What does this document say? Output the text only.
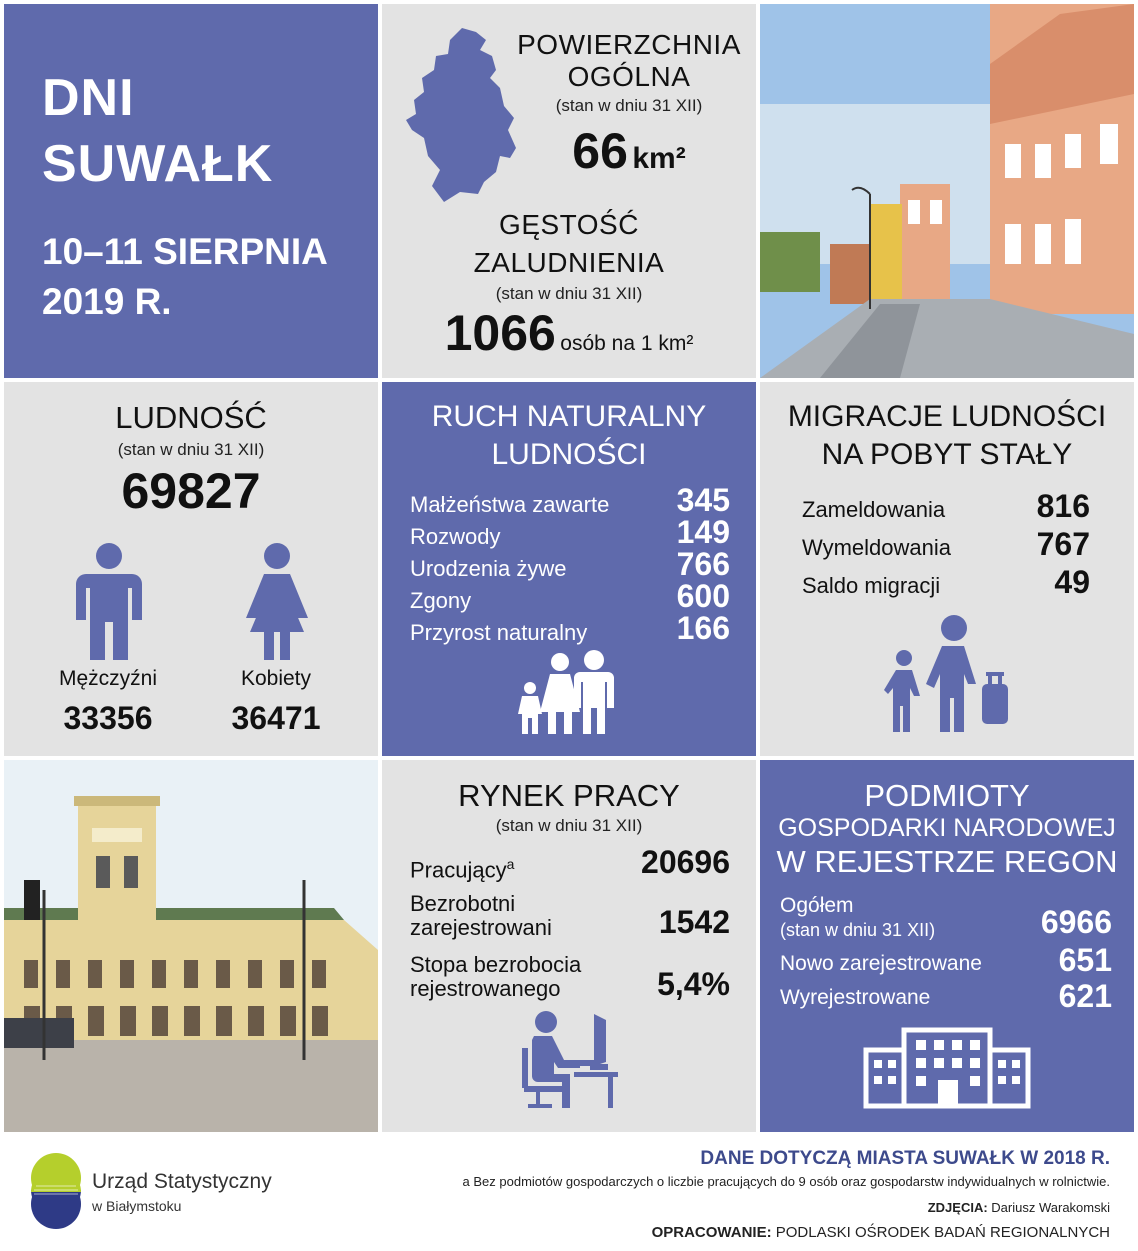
DNI
SUWAŁK
10–11 SIERPNIA
2019 R.
POWIERZCHNIA
OGÓLNA
(stan w dniu 31 XII)
66 km²
GĘSTOŚĆ
ZALUDNIENIA
(stan w dniu 31 XII)
1066 osób na 1 km²
LUDNOŚĆ
(stan w dniu 31 XII)
69827
Mężczyźni	Kobiety
33356	36471
RUCH NATURALNY
LUDNOŚCI
Małżeństwa zawarte 345
Rozwody	149
Urodzenia żywe	766
Zgony	600
Przyrost naturalny	166
MIGRACJE LUDNOŚCI
NA POBYT STAŁY
Zameldowania	816
Wymeldowania	767
Saldo migracji	49
RYNEK PRACY
(stan w dniu 31 XII)
Pracujący$^a$	20696
Bezrobotni
zarejestrowani	1542
Stopa bezrobocia
rejestrowanego	5,4%
PODMIOTY
GOSPODARKI NARODOWEJ
W REJESTRZE REGON
Ogółem
(stan w dniu 31 XII)	6966
Nowo zarejestrowane 651
Wyrejestrowane	621
Urząd Statystyczny
w Białymstoku
DANE DOTYCZĄ MIASTA SUWAŁK W 2018 R.
a Bez podmiotów gospodarczych o liczbie pracujących do 9 osób oraz gospodarstw indywidualnych w rolnictwie.
ZDJĘCIA: Dariusz Warakomski
OPRACOWANIE: PODLASKI OŚRODEK BADAŃ REGIONALNYCH
